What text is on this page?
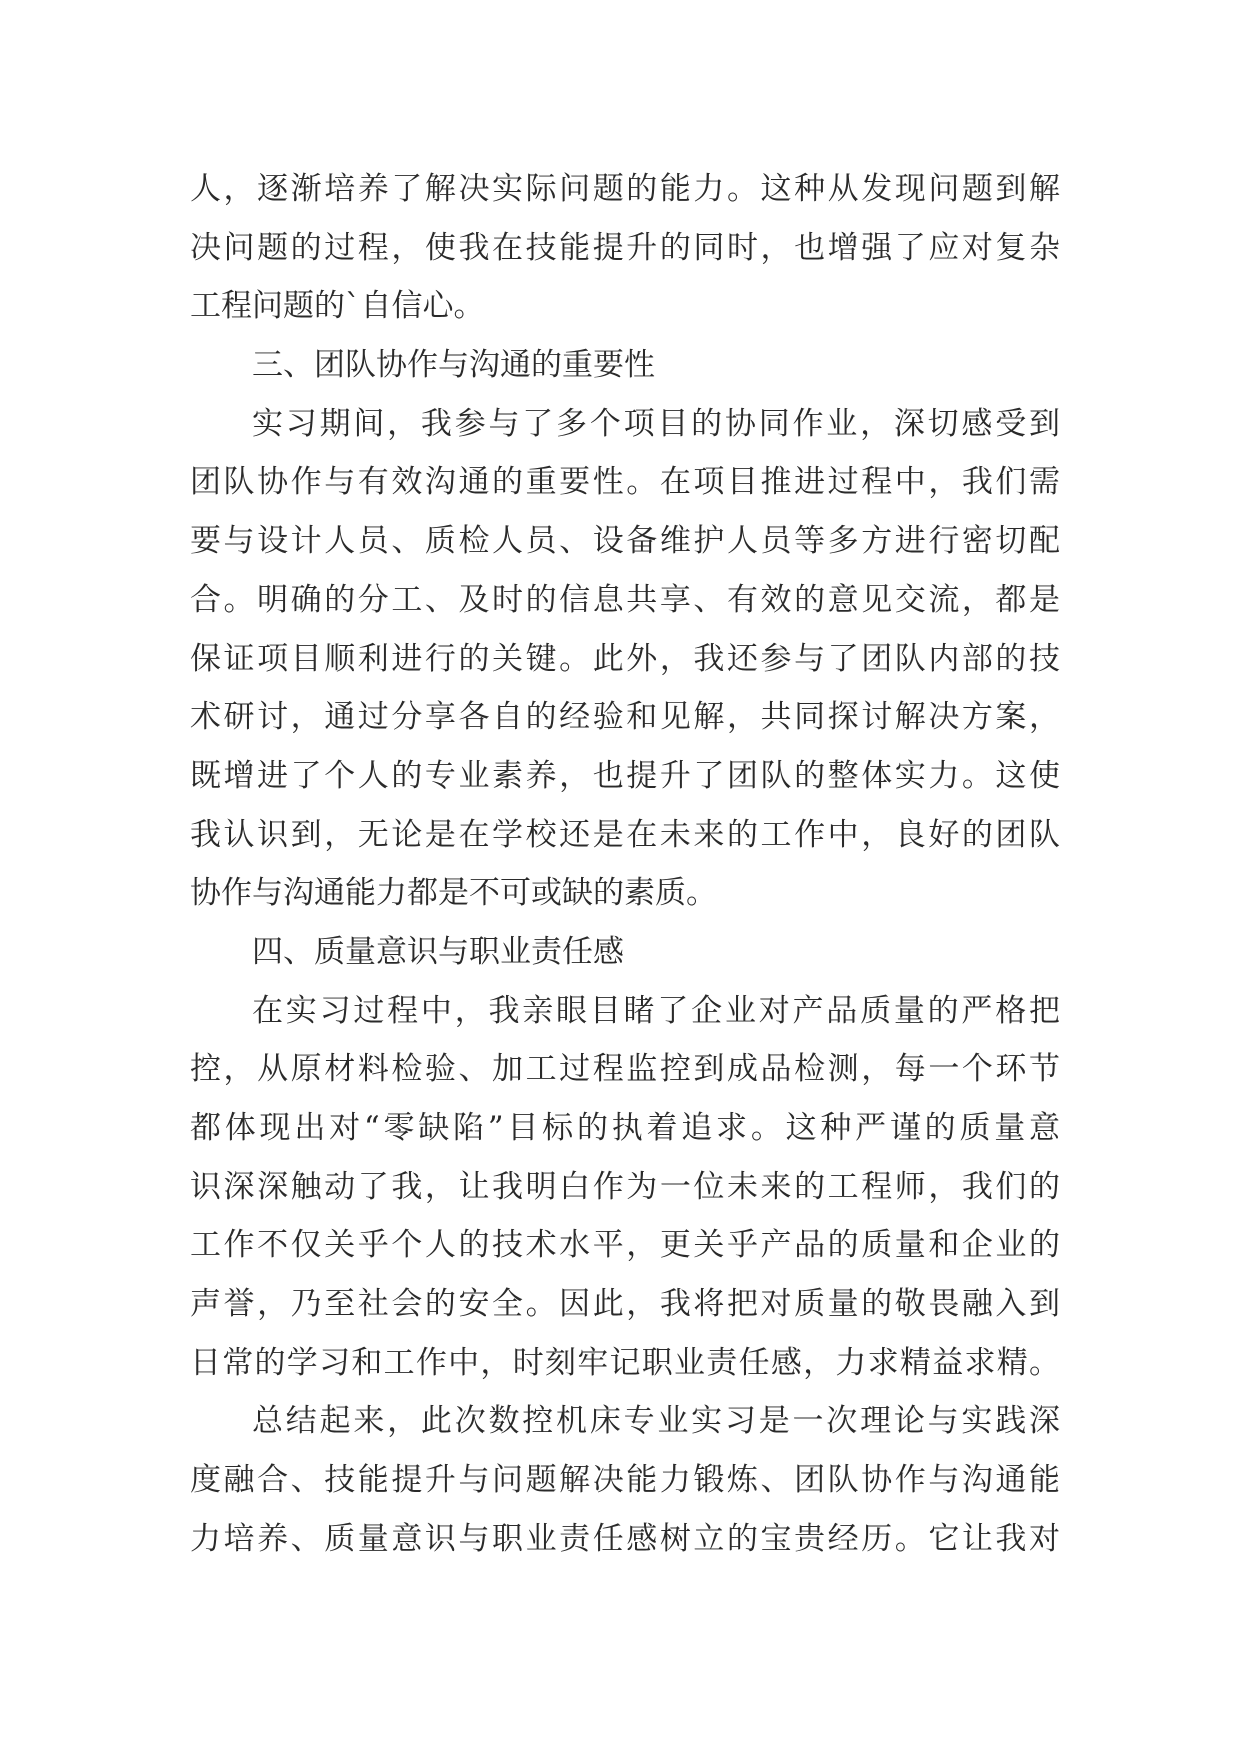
人，逐渐培养了解决实际问题的能力。这种从发现问题到解

决问题的过程，使我在技能提升的同时，也增强了应对复杂

工程问题的`自信心。

三、团队协作与沟通的重要性

实习期间，我参与了多个项目的协同作业，深切感受到

团队协作与有效沟通的重要性。在项目推进过程中，我们需

要与设计人员、质检人员、设备维护人员等多方进行密切配

合。明确的分工、及时的信息共享、有效的意见交流，都是

保证项目顺利进行的关键。此外，我还参与了团队内部的技

术研讨，通过分享各自的经验和见解，共同探讨解决方案，

既增进了个人的专业素养，也提升了团队的整体实力。这使

我认识到，无论是在学校还是在未来的工作中，良好的团队

协作与沟通能力都是不可或缺的素质。

四、质量意识与职业责任感

在实习过程中，我亲眼目睹了企业对产品质量的严格把

控，从原材料检验、加工过程监控到成品检测，每一个环节

都体现出对“零缺陷”目标的执着追求。这种严谨的质量意

识深深触动了我，让我明白作为一位未来的工程师，我们的

工作不仅关乎个人的技术水平，更关乎产品的质量和企业的

声誉，乃至社会的安全。因此，我将把对质量的敬畏融入到

日常的学习和工作中，时刻牢记职业责任感，力求精益求精。

总结起来，此次数控机床专业实习是一次理论与实践深

度融合、技能提升与问题解决能力锻炼、团队协作与沟通能

力培养、质量意识与职业责任感树立的宝贵经历。它让我对
